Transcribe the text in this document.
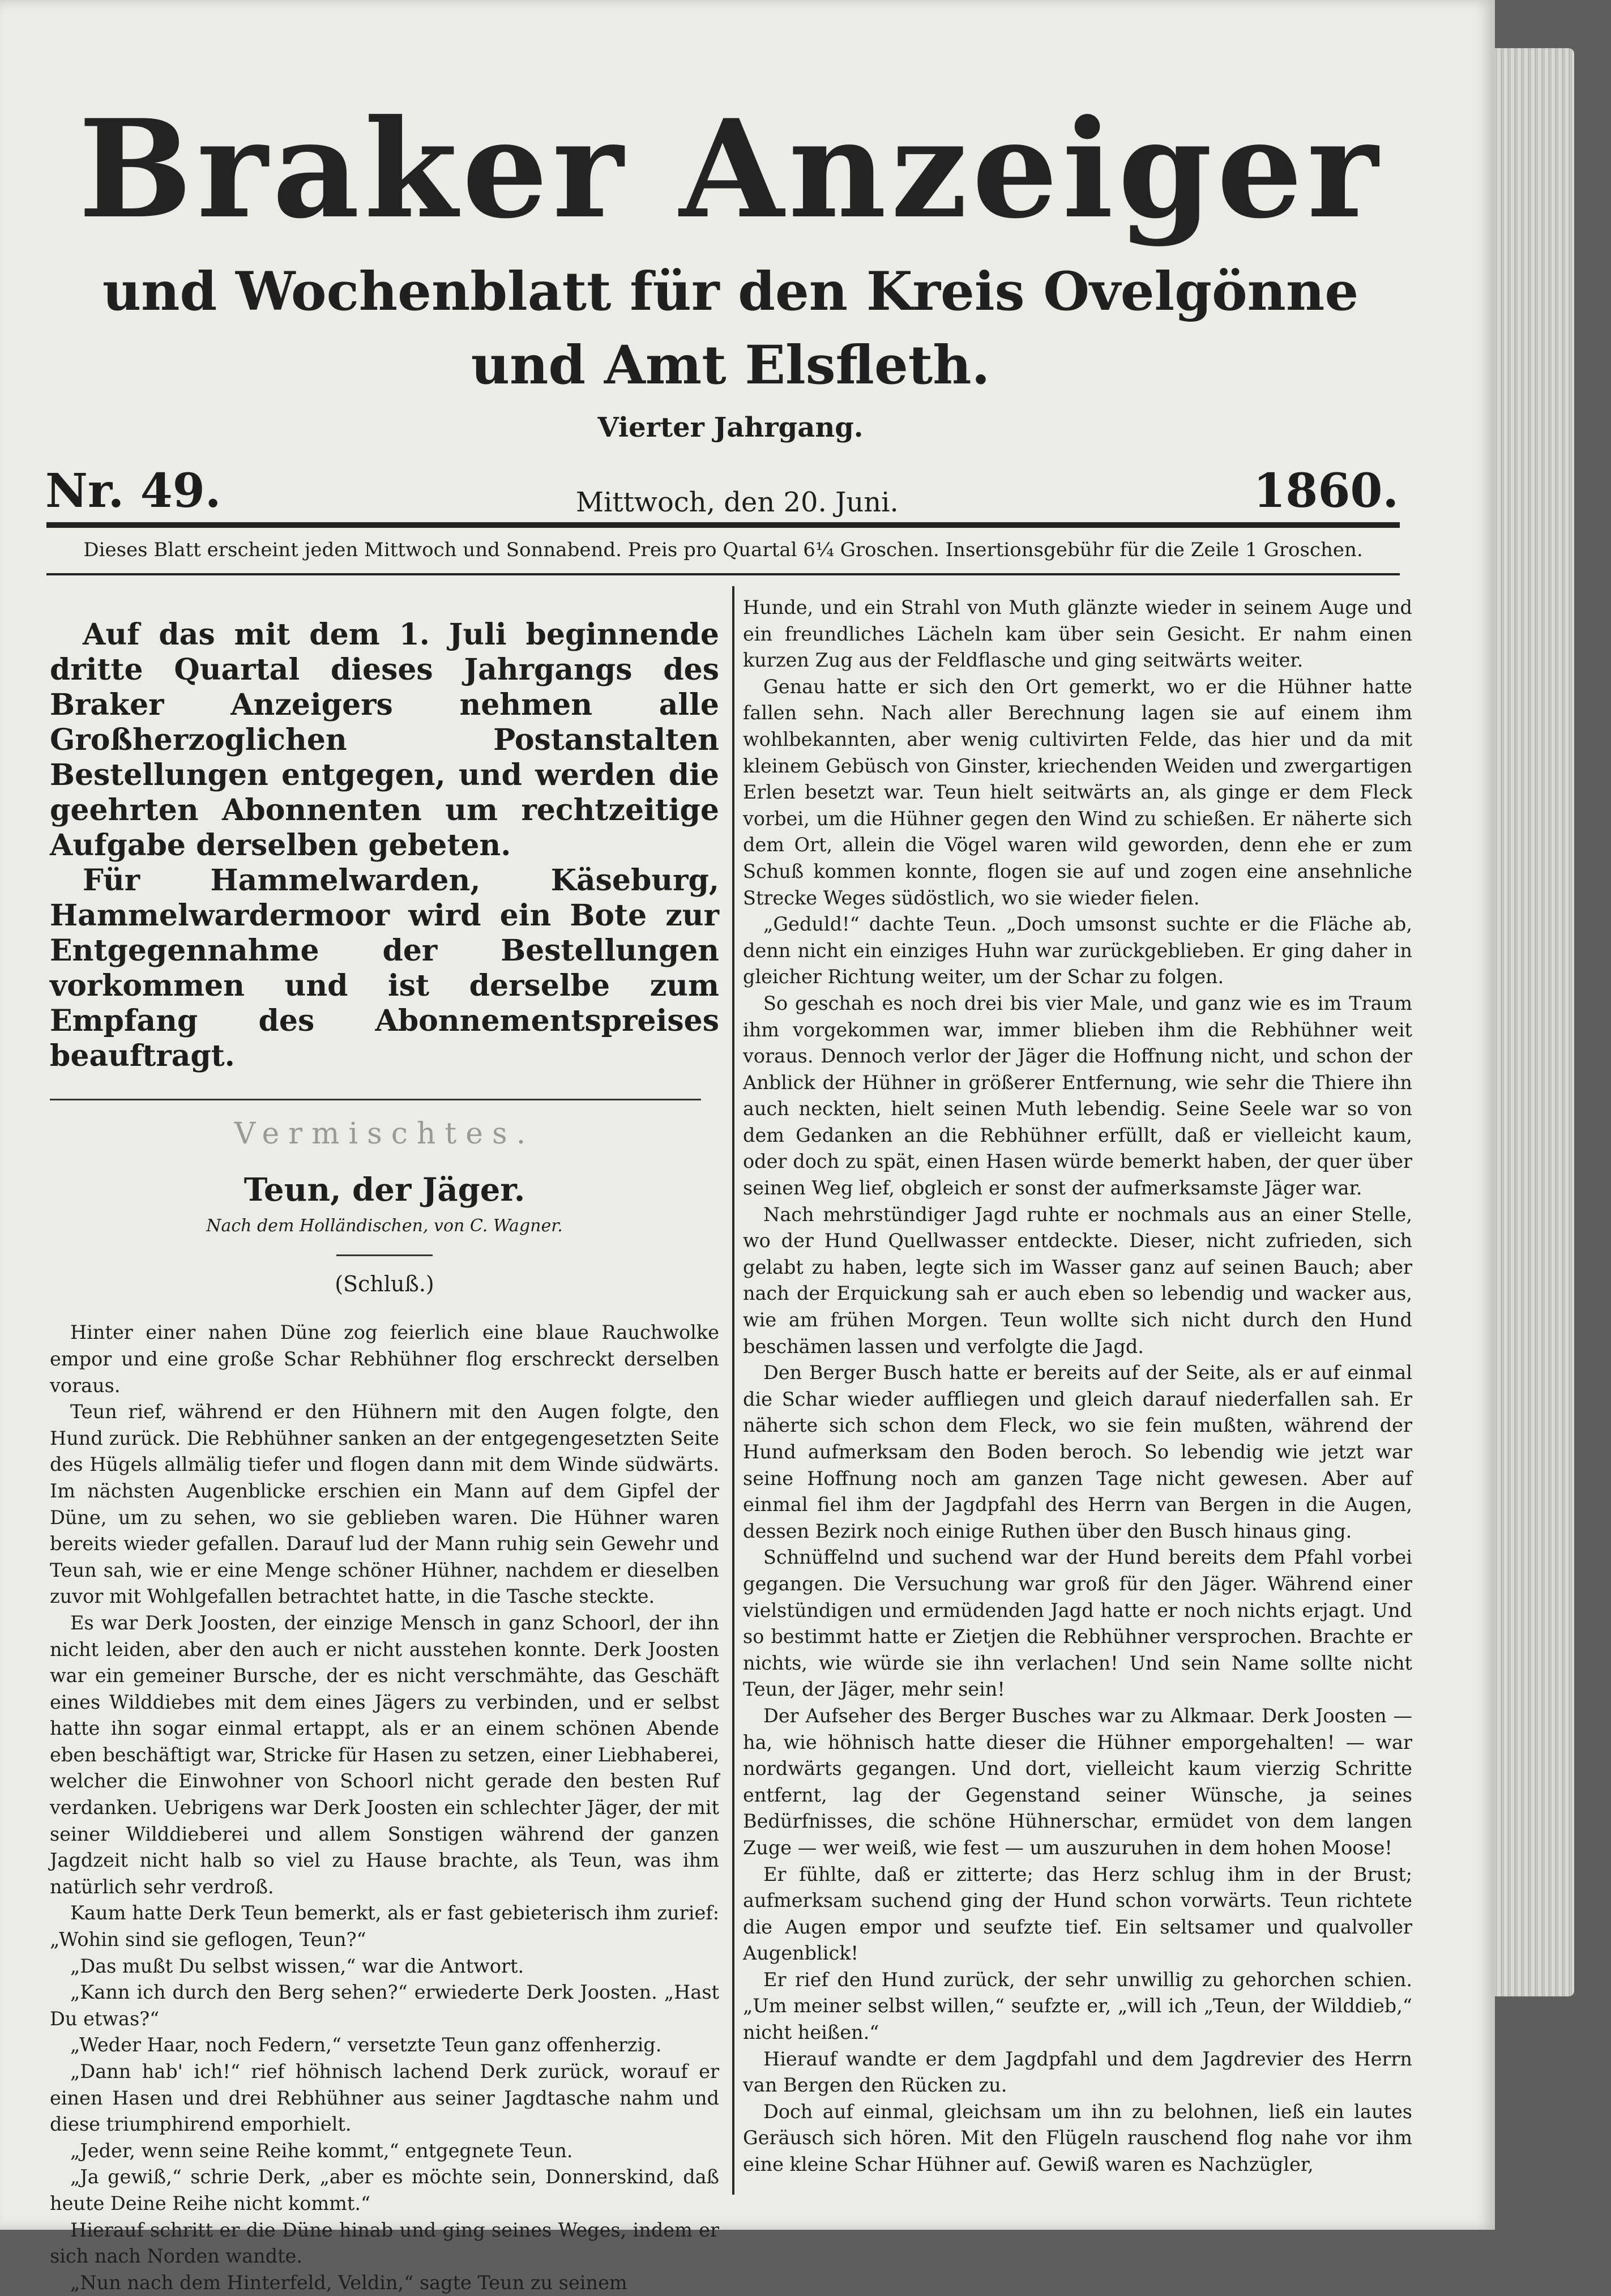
Braker Anzeiger

und Wochenblatt für den Kreis Ovelgönne und Amt Elsfleth.

Vierter Jahrgang.

Nr. 49.	Mittwoch, den 20. Juni.	1860.
Dieses Blatt erscheint jeden Mittwoch und Sonnabend. Preis pro Quartal 6¼ Groschen. Insertionsgebühr für die Zeile 1 Groschen.

Auf das mit dem 1. Juli beginnende dritte Quartal dieses Jahrgangs des Braker Anzeigers nehmen alle Großherzoglichen Postanstalten Bestellungen entgegen, und werden die geehrten Abonnenten um rechtzeitige Aufgabe derselben gebeten.

Für Hammelwarden, Käseburg, Hammelwardermoor wird ein Bote zur Entgegennahme der Bestellungen vorkommen und ist derselbe zum Empfang des Abonnementspreises beauftragt.

Vermischtes.
Teun, der Jäger.
Nach dem Holländischen, von C. Wagner.
(Schluß.)

Hinter einer nahen Düne zog feierlich eine blaue Rauchwolke empor und eine große Schar Rebhühner flog erschreckt derselben voraus.

Teun rief, während er den Hühnern mit den Augen folgte, den Hund zurück. Die Rebhühner sanken an der entgegengesetzten Seite des Hügels allmälig tiefer und flogen dann mit dem Winde südwärts. Im nächsten Augenblicke erschien ein Mann auf dem Gipfel der Düne, um zu sehen, wo sie geblieben waren. Die Hühner waren bereits wieder gefallen. Darauf lud der Mann ruhig sein Gewehr und Teun sah, wie er eine Menge schöner Hühner, nachdem er dieselben zuvor mit Wohlgefallen betrachtet hatte, in die Tasche steckte.

Es war Derk Joosten, der einzige Mensch in ganz Schoorl, der ihn nicht leiden, aber den auch er nicht ausstehen konnte. Derk Joosten war ein gemeiner Bursche, der es nicht verschmähte, das Geschäft eines Wilddiebes mit dem eines Jägers zu verbinden, und er selbst hatte ihn sogar einmal ertappt, als er an einem schönen Abende eben beschäftigt war, Stricke für Hasen zu setzen, einer Liebhaberei, welcher die Einwohner von Schoorl nicht gerade den besten Ruf verdanken. Uebrigens war Derk Joosten ein schlechter Jäger, der mit seiner Wilddieberei und allem Sonstigen während der ganzen Jagdzeit nicht halb so viel zu Hause brachte, als Teun, was ihm natürlich sehr verdroß.

Kaum hatte Derk Teun bemerkt, als er fast gebieterisch ihm zurief: „Wohin sind sie geflogen, Teun?“

„Das mußt Du selbst wissen,“ war die Antwort.

„Kann ich durch den Berg sehen?“ erwiederte Derk Joosten. „Hast Du etwas?“

„Weder Haar, noch Federn,“ versetzte Teun ganz offenherzig.

„Dann hab' ich!“ rief höhnisch lachend Derk zurück, worauf er einen Hasen und drei Rebhühner aus seiner Jagdtasche nahm und diese triumphirend emporhielt.

„Jeder, wenn seine Reihe kommt,“ entgegnete Teun.

„Ja gewiß,“ schrie Derk, „aber es möchte sein, Donnerskind, daß heute Deine Reihe nicht kommt.“

Hierauf schritt er die Düne hinab und ging seines Weges, indem er sich nach Norden wandte.

„Nun nach dem Hinterfeld, Veldin,“ sagte Teun zu seinem

Hunde, und ein Strahl von Muth glänzte wieder in seinem Auge und ein freundliches Lächeln kam über sein Gesicht. Er nahm einen kurzen Zug aus der Feldflasche und ging seitwärts weiter.

Genau hatte er sich den Ort gemerkt, wo er die Hühner hatte fallen sehn. Nach aller Berechnung lagen sie auf einem ihm wohlbekannten, aber wenig cultivirten Felde, das hier und da mit kleinem Gebüsch von Ginster, kriechenden Weiden und zwergartigen Erlen besetzt war. Teun hielt seitwärts an, als ginge er dem Fleck vorbei, um die Hühner gegen den Wind zu schießen. Er näherte sich dem Ort, allein die Vögel waren wild geworden, denn ehe er zum Schuß kommen konnte, flogen sie auf und zogen eine ansehnliche Strecke Weges südöstlich, wo sie wieder fielen.

„Geduld!“ dachte Teun. „Doch umsonst suchte er die Fläche ab, denn nicht ein einziges Huhn war zurückgeblieben. Er ging daher in gleicher Richtung weiter, um der Schar zu folgen.

So geschah es noch drei bis vier Male, und ganz wie es im Traum ihm vorgekommen war, immer blieben ihm die Rebhühner weit voraus. Dennoch verlor der Jäger die Hoffnung nicht, und schon der Anblick der Hühner in größerer Entfernung, wie sehr die Thiere ihn auch neckten, hielt seinen Muth lebendig. Seine Seele war so von dem Gedanken an die Rebhühner erfüllt, daß er vielleicht kaum, oder doch zu spät, einen Hasen würde bemerkt haben, der quer über seinen Weg lief, obgleich er sonst der aufmerksamste Jäger war.

Nach mehrstündiger Jagd ruhte er nochmals aus an einer Stelle, wo der Hund Quellwasser entdeckte. Dieser, nicht zufrieden, sich gelabt zu haben, legte sich im Wasser ganz auf seinen Bauch; aber nach der Erquickung sah er auch eben so lebendig und wacker aus, wie am frühen Morgen. Teun wollte sich nicht durch den Hund beschämen lassen und verfolgte die Jagd.

Den Berger Busch hatte er bereits auf der Seite, als er auf einmal die Schar wieder auffliegen und gleich darauf niederfallen sah. Er näherte sich schon dem Fleck, wo sie fein mußten, während der Hund aufmerksam den Boden beroch. So lebendig wie jetzt war seine Hoffnung noch am ganzen Tage nicht gewesen. Aber auf einmal fiel ihm der Jagdpfahl des Herrn van Bergen in die Augen, dessen Bezirk noch einige Ruthen über den Busch hinaus ging.

Schnüffelnd und suchend war der Hund bereits dem Pfahl vorbei gegangen. Die Versuchung war groß für den Jäger. Während einer vielstündigen und ermüdenden Jagd hatte er noch nichts erjagt. Und so bestimmt hatte er Zietjen die Rebhühner versprochen. Brachte er nichts, wie würde sie ihn verlachen! Und sein Name sollte nicht Teun, der Jäger, mehr sein!

Der Aufseher des Berger Busches war zu Alkmaar. Derk Joosten — ha, wie höhnisch hatte dieser die Hühner emporgehalten! — war nordwärts gegangen. Und dort, vielleicht kaum vierzig Schritte entfernt, lag der Gegenstand seiner Wünsche, ja seines Bedürfnisses, die schöne Hühnerschar, ermüdet von dem langen Zuge — wer weiß, wie fest — um auszuruhen in dem hohen Moose!

Er fühlte, daß er zitterte; das Herz schlug ihm in der Brust; aufmerksam suchend ging der Hund schon vorwärts. Teun richtete die Augen empor und seufzte tief. Ein seltsamer und qualvoller Augenblick!

Er rief den Hund zurück, der sehr unwillig zu gehorchen schien. „Um meiner selbst willen,“ seufzte er, „will ich „Teun, der Wilddieb,“ nicht heißen.“

Hierauf wandte er dem Jagdpfahl und dem Jagdrevier des Herrn van Bergen den Rücken zu.

Doch auf einmal, gleichsam um ihn zu belohnen, ließ ein lautes Geräusch sich hören. Mit den Flügeln rauschend flog nahe vor ihm eine kleine Schar Hühner auf. Gewiß waren es Nachzügler,
